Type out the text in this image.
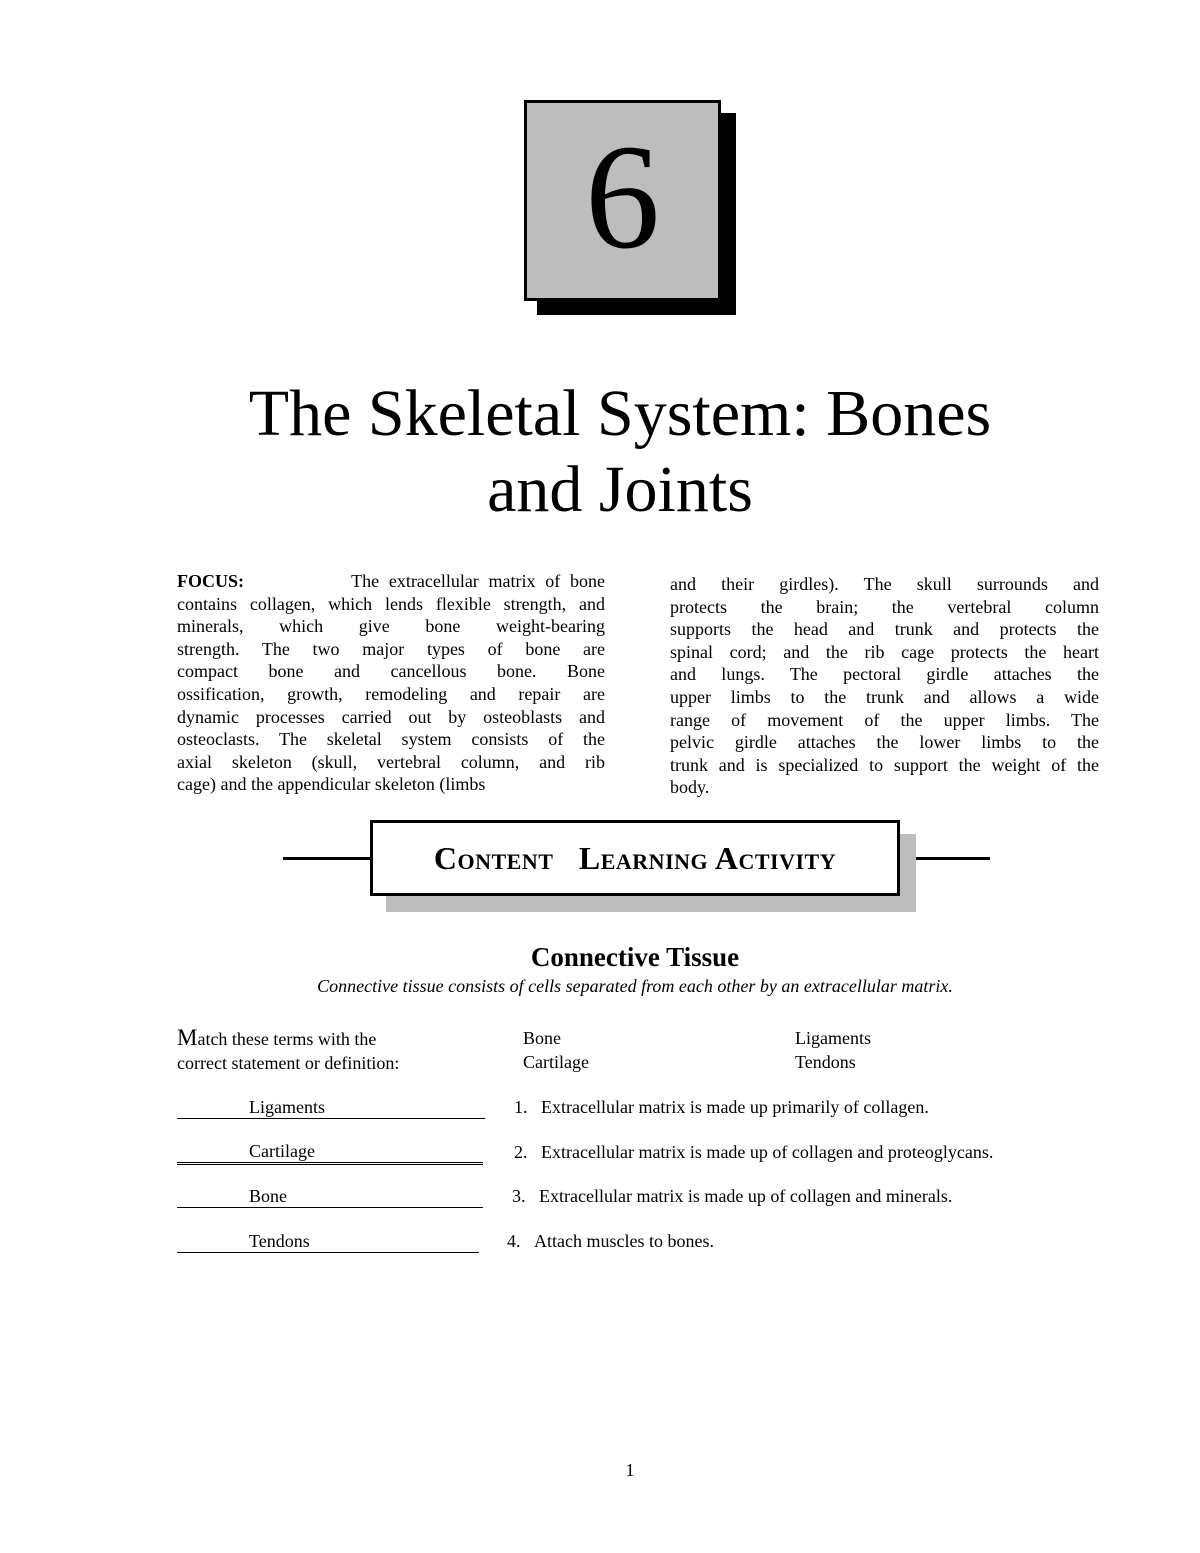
6
The Skeletal System: Bones
and Joints
FOCUS:	The extracellular matrix of bone
contains collagen, which lends flexible strength, and
minerals, which give bone weight-bearing
strength. The two major types of bone are
compact bone and cancellous bone. Bone
ossification, growth, remodeling and repair are
dynamic processes carried out by osteoblasts and
osteoclasts. The skeletal system consists of the
axial skeleton (skull, vertebral column, and rib
cage) and the appendicular skeleton (limbs
and their girdles). The skull surrounds and
protects the brain; the vertebral column
supports the head and trunk and protects the
spinal cord; and the rib cage protects the heart
and lungs. The pectoral girdle attaches the
upper limbs to the trunk and allows a wide
range of movement of the upper limbs. The
pelvic girdle attaches the lower limbs to the
trunk and is specialized to support the weight of the
body.
CONTENT LEARNING ACTIVITY
Connective Tissue
Connective tissue consists of cells separated from each other by an extracellular matrix.
Match these terms with the
correct statement or definition:
Bone
Cartilage
Ligaments
Tendons
Ligaments	1. Extracellular matrix is made up primarily of collagen.
Cartilage	2. Extracellular matrix is made up of collagen and proteoglycans.
Bone	3. Extracellular matrix is made up of collagen and minerals.
Tendons	4. Attach muscles to bones.
1
